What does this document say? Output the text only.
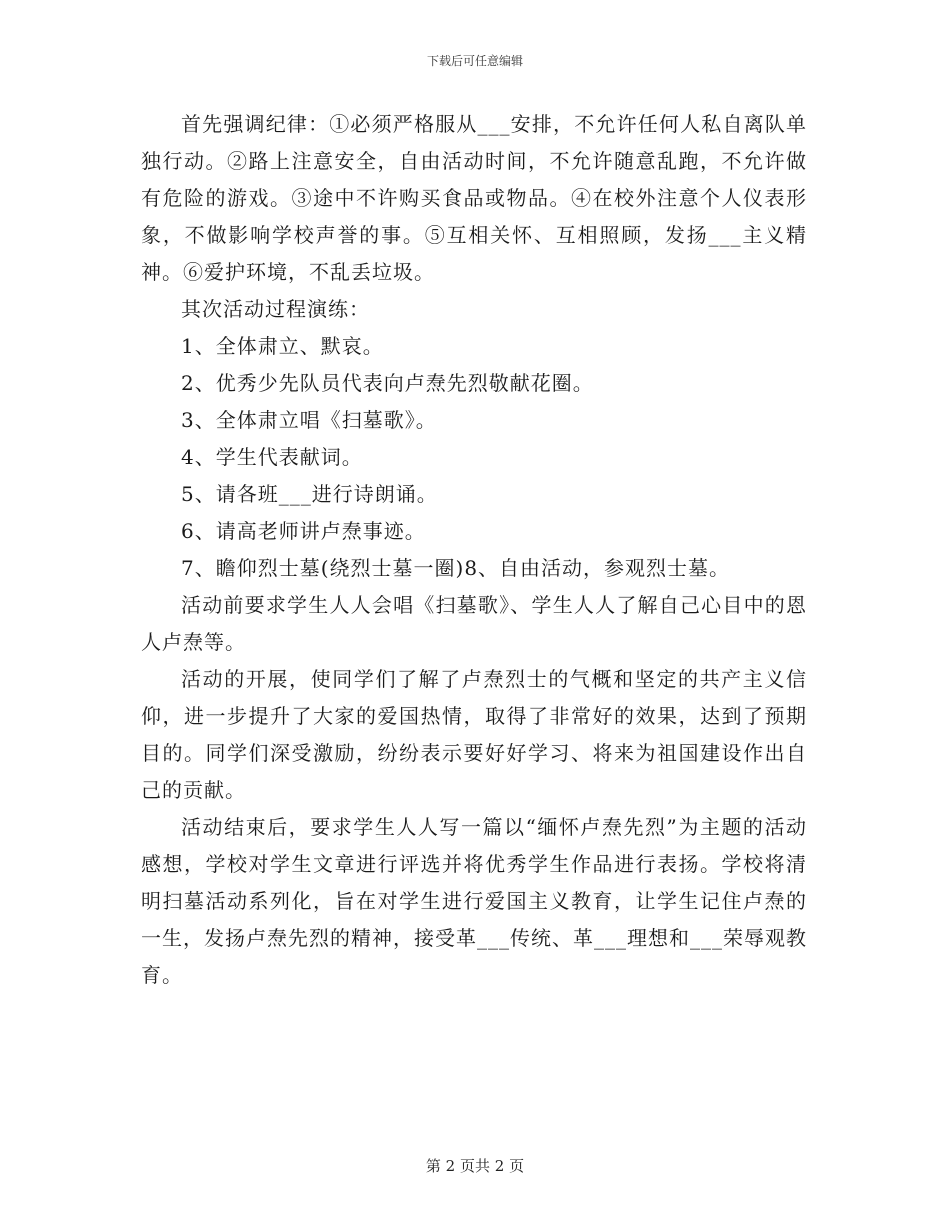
下载后可任意编辑

首先强调纪律：①必须严格服从___安排，不允许任何人私自离队单独行动。②路上注意安全，自由活动时间，不允许随意乱跑，不允许做有危险的游戏。③途中不许购买食品或物品。④在校外注意个人仪表形象，不做影响学校声誉的事。⑤互相关怀、互相照顾，发扬___主义精神。⑥爱护环境，不乱丢垃圾。

其次活动过程演练：

1、全体肃立、默哀。

2、优秀少先队员代表向卢焘先烈敬献花圈。

3、全体肃立唱《扫墓歌》。

4、学生代表献词。

5、请各班___进行诗朗诵。

6、请高老师讲卢焘事迹。

7、瞻仰烈士墓(绕烈士墓一圈)8、自由活动，参观烈士墓。

活动前要求学生人人会唱《扫墓歌》、学生人人了解自己心目中的恩人卢焘等。

活动的开展，使同学们了解了卢焘烈士的气概和坚定的共产主义信仰，进一步提升了大家的爱国热情，取得了非常好的效果，达到了预期目的。同学们深受激励，纷纷表示要好好学习、将来为祖国建设作出自己的贡献。

活动结束后，要求学生人人写一篇以“缅怀卢焘先烈”为主题的活动感想，学校对学生文章进行评选并将优秀学生作品进行表扬。学校将清明扫墓活动系列化，旨在对学生进行爱国主义教育，让学生记住卢焘的一生，发扬卢焘先烈的精神，接受革___传统、革___理想和___荣辱观教育。

第 2 页共 2 页
